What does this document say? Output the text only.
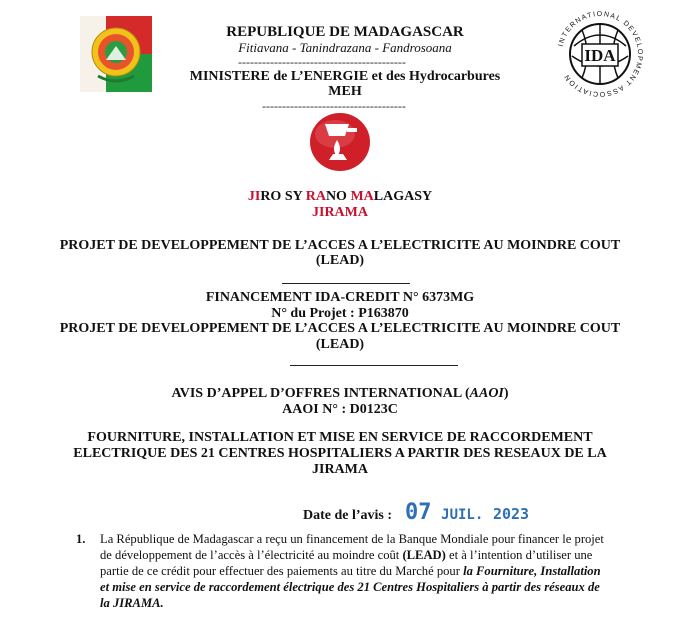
REPUBLIQUE DE MADAGASCAR
Fitiavana - Tanindrazana - Fandrosoana
------------------------------------------
MINISTERE de L’ENERGIE et des Hydrocarbures
MEH
------------------------------------
IDA
INTERNATIONAL DEVELOPMENT ASSOCIATION
JIRO SY RANO MALAGASY
JIRAMA
PROJET DE DEVELOPPEMENT DE L’ACCES A L’ELECTRICITE AU MOINDRE COUT
(LEAD)
FINANCEMENT IDA-CREDIT N° 6373MG
N° du Projet : P163870
PROJET DE DEVELOPPEMENT DE L’ACCES A L’ELECTRICITE AU MOINDRE COUT
(LEAD)
AVIS D’APPEL D’OFFRES INTERNATIONAL (AAOI)
AAOI N° : D0123C
FOURNITURE, INSTALLATION ET MISE EN SERVICE DE RACCORDEMENT
ELECTRIQUE DES 21 CENTRES HOSPITALIERS A PARTIR DES RESEAUX DE LA
JIRAMA
Date de l’avis : 07 JUIL. 2023
1. La République de Madagascar a reçu un financement de la Banque Mondiale pour financer le projet
de développement de l’accès à l’électricité au moindre coût (LEAD) et à l’intention d’utiliser une
partie de ce crédit pour effectuer des paiements au titre du Marché pour la Fourniture, Installation
et mise en service de raccordement électrique des 21 Centres Hospitaliers à partir des réseaux de
la JIRAMA.
